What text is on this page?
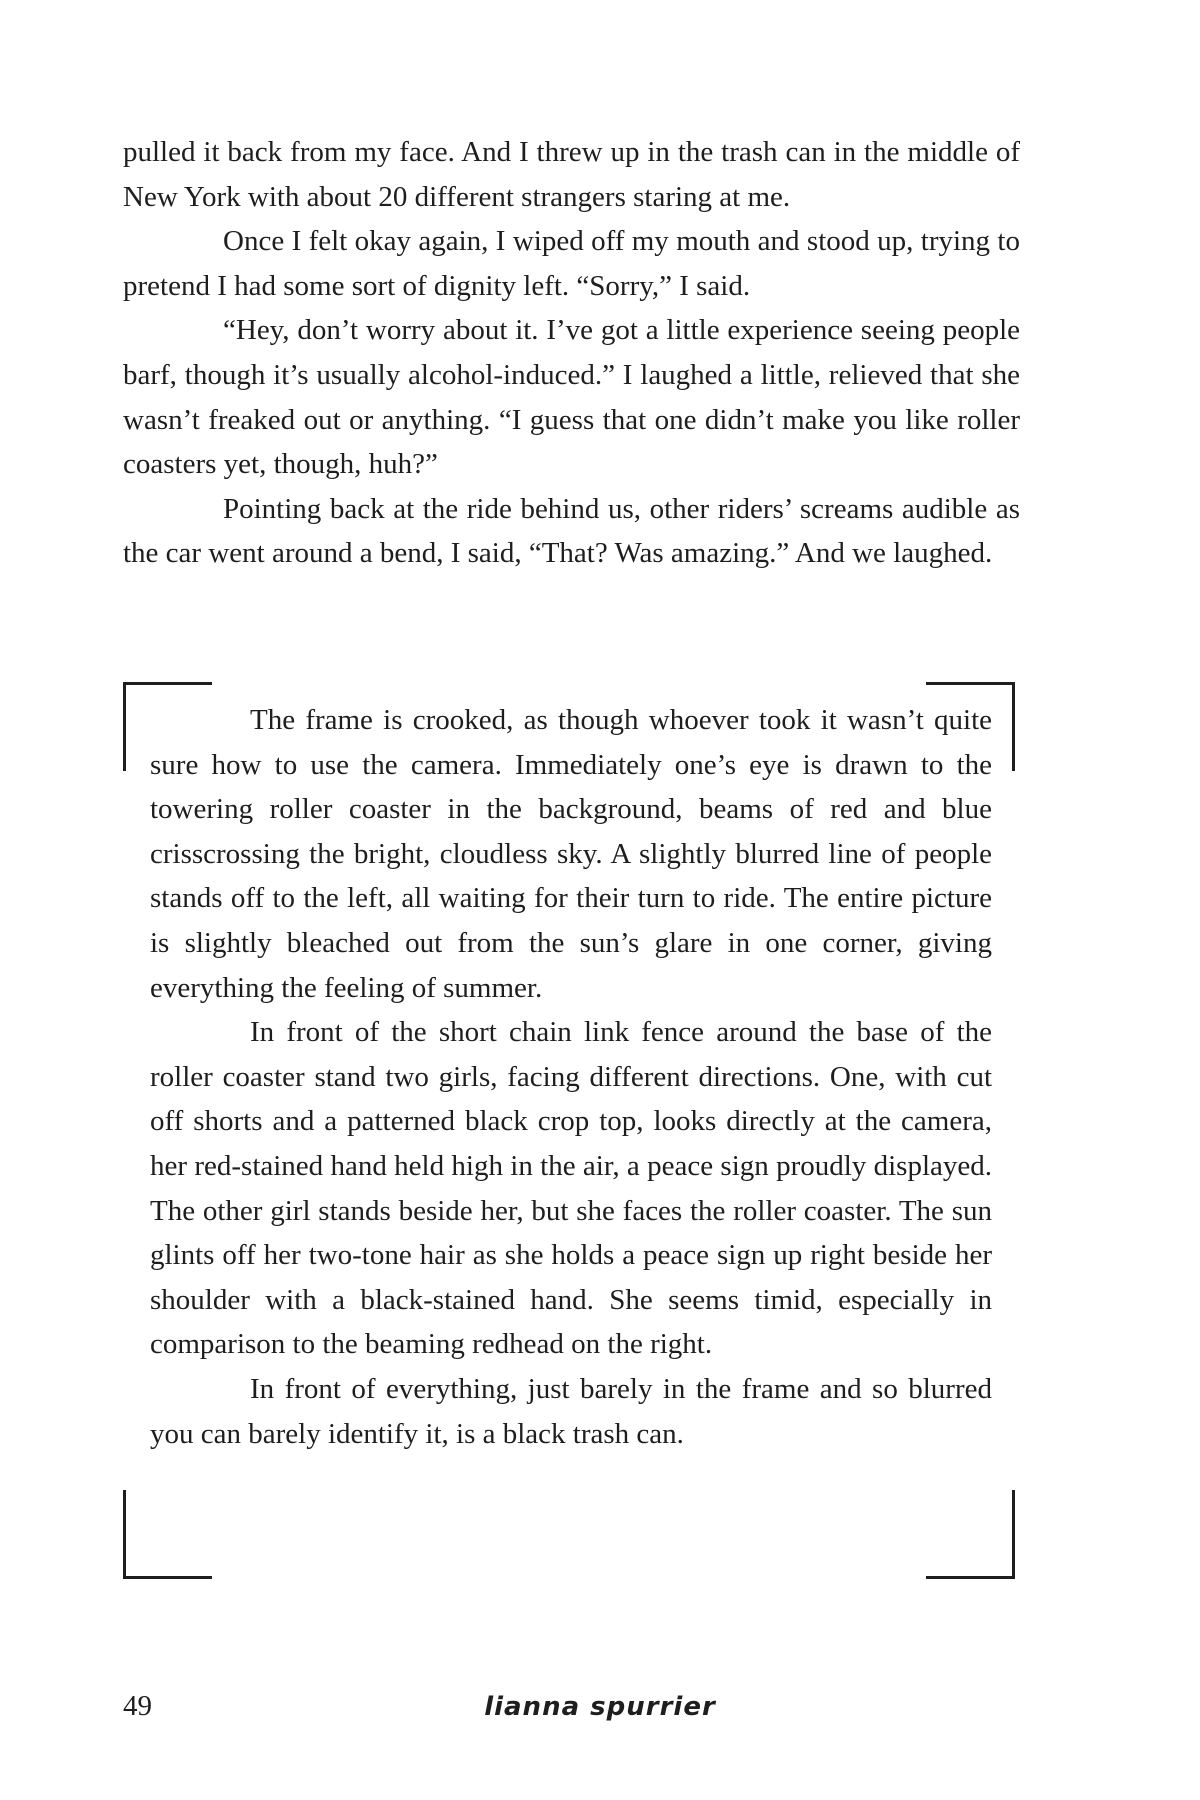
pulled it back from my face. And I threw up in the trash can in the middle of New York with about 20 different strangers staring at me.

Once I felt okay again, I wiped off my mouth and stood up, trying to pretend I had some sort of dignity left. “Sorry,” I said.

“Hey, don’t worry about it. I’ve got a little experience seeing people barf, though it’s usually alcohol-induced.” I laughed a little, relieved that she wasn’t freaked out or anything. “I guess that one didn’t make you like roller coasters yet, though, huh?”

Pointing back at the ride behind us, other riders’ screams audible as the car went around a bend, I said, “That? Was amazing.” And we laughed.

The frame is crooked, as though whoever took it wasn’t quite sure how to use the camera. Immediately one’s eye is drawn to the towering roller coaster in the background, beams of red and blue crisscrossing the bright, cloudless sky. A slightly blurred line of people stands off to the left, all waiting for their turn to ride. The entire picture is slightly bleached out from the sun’s glare in one corner, giving everything the feeling of summer.

In front of the short chain link fence around the base of the roller coaster stand two girls, facing different directions. One, with cut off shorts and a patterned black crop top, looks directly at the camera, her red-stained hand held high in the air, a peace sign proudly displayed. The other girl stands beside her, but she faces the roller coaster. The sun glints off her two-tone hair as she holds a peace sign up right beside her shoulder with a black-stained hand. She seems timid, especially in comparison to the beaming redhead on the right.

In front of everything, just barely in the frame and so blurred you can barely identify it, is a black trash can.

49	lianna spurrier
